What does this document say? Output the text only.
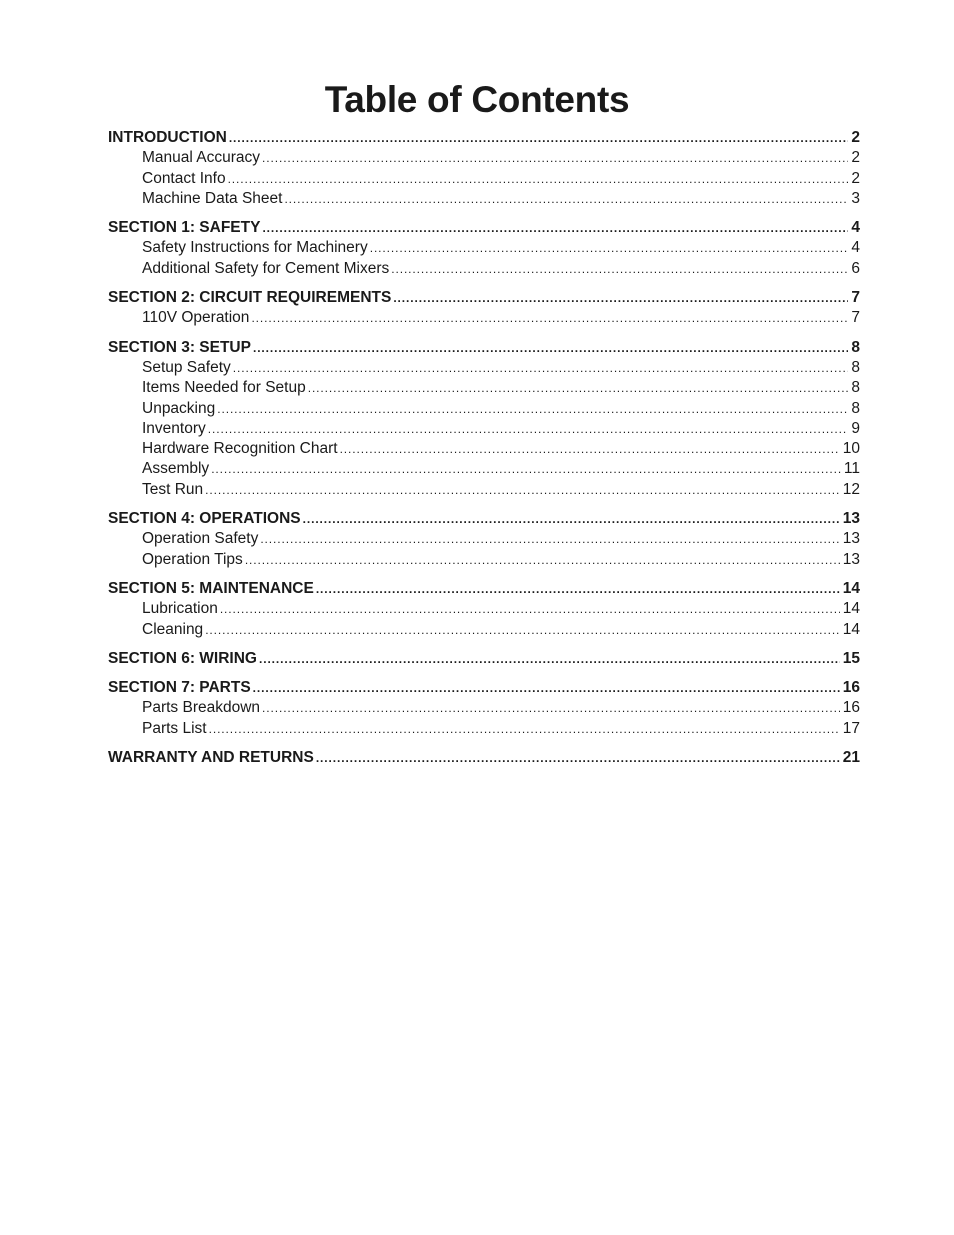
Table of Contents
INTRODUCTION .....	2
Manual Accuracy .....	2
Contact Info .....	2
Machine Data Sheet .....	3
SECTION 1: SAFETY .....	4
Safety Instructions for Machinery .....	4
Additional Safety for Cement Mixers .....	6
SECTION 2: CIRCUIT REQUIREMENTS .....	7
110V Operation .....	7
SECTION 3: SETUP .....	8
Setup Safety .....	8
Items Needed for Setup .....	8
Unpacking .....	8
Inventory .....	9
Hardware Recognition Chart .....	10
Assembly .....	11
Test Run .....	12
SECTION 4: OPERATIONS .....	13
Operation Safety .....	13
Operation Tips .....	13
SECTION 5: MAINTENANCE .....	14
Lubrication .....	14
Cleaning .....	14
SECTION 6: WIRING .....	15
SECTION 7: PARTS .....	16
Parts Breakdown .....	16
Parts List .....	17
WARRANTY AND RETURNS .....	21
